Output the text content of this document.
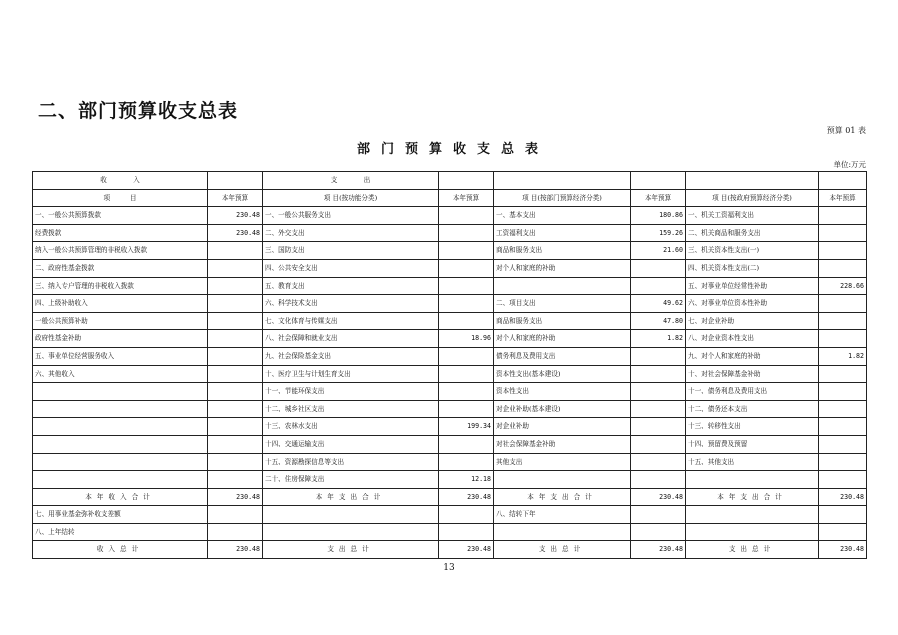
二、部门预算收支总表
预算 01 表
部门预算收支总表
单位:万元
收　　　　入		支　　　　出					
项　　　目	本年预算	项 目(按功能分类)	本年预算	项 目(按部门预算经济分类)	本年预算	项 目(按政府预算经济分类)	本年预算
一、一般公共预算拨款	230.48	一、一般公共服务支出		一、基本支出	180.86	一、机关工资福利支出	
经费拨款	230.48	二、外交支出		工资福利支出	159.26	二、机关商品和服务支出	
纳入一般公共预算管理的非税收入拨款		三、国防支出		商品和服务支出	21.60	三、机关资本性支出(一)	
二、政府性基金拨款		四、公共安全支出		对个人和家庭的补助		四、机关资本性支出(二)	
三、纳入专户管理的非税收入拨款		五、教育支出				五、对事业单位经常性补助	228.66
四、上级补助收入		六、科学技术支出		二、项目支出	49.62	六、对事业单位资本性补助	
一般公共预算补助		七、文化体育与传媒支出		商品和服务支出	47.80	七、对企业补助	
政府性基金补助		八、社会保障和就业支出	18.96	对个人和家庭的补助	1.82	八、对企业资本性支出	
五、事业单位经营服务收入		九、社会保险基金支出		债务利息及费用支出		九、对个人和家庭的补助	1.82
六、其他收入		十、医疗卫生与计划生育支出		资本性支出(基本建设)		十、对社会保障基金补助	
		十一、节能环保支出		资本性支出		十一、债务利息及费用支出	
		十二、城乡社区支出		对企业补助(基本建设)		十二、债务还本支出	
		十三、农林水支出	199.34	对企业补助		十三、转移性支出	
		十四、交通运输支出		对社会保障基金补助		十四、预留费及预留	
		十五、资源勘探信息等支出		其他支出		十五、其他支出	
		二十、住房保障支出	12.18				
本年收入合计	230.48	本年支出合计	230.48	本年支出合计	230.48	本年支出合计	230.48
七、用事业基金弥补收支差额				八、结转下年			
八、上年结转							
收入总计	230.48	支出总计	230.48	支出总计	230.48	支出总计	230.48
13
